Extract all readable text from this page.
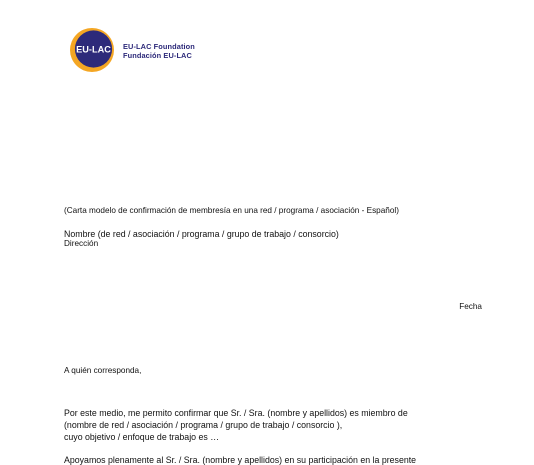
EU-LAC EU-LAC Foundation
Fundación EU-LAC
(Carta modelo de confirmación de membresía en una red / programa / asociación - Español)
Nombre (de red / asociación / programa / grupo de trabajo / consorcio)
Dirección
Fecha
A quién corresponda,
Por este medio, me permito confirmar que Sr. / Sra. (nombre y apellidos) es miembro de
(nombre de red / asociación / programa / grupo de trabajo / consorcio ),
cuyo objetivo / enfoque de trabajo es …
Apoyamos plenamente al Sr. / Sra. (nombre y apellidos) en su participación en la presente
